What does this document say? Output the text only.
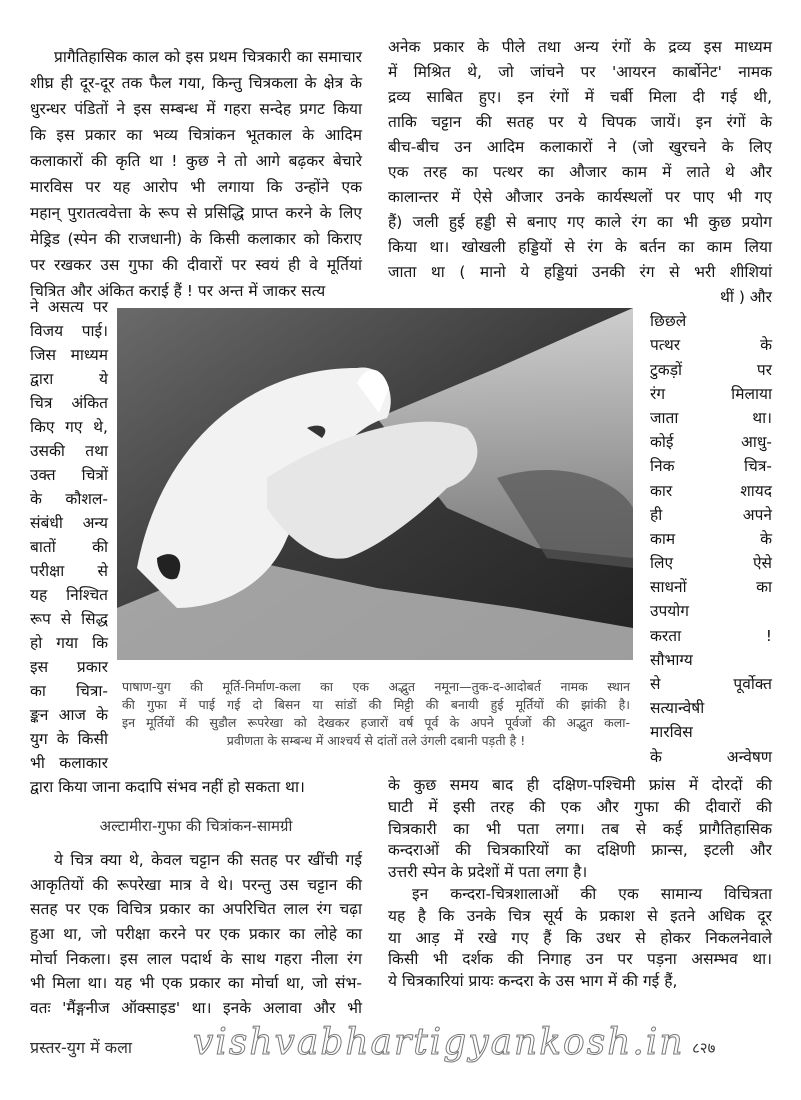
प्रागैतिहासिक काल को इस प्रथम चित्रकारी का समाचार
शीघ्र ही दूर-दूर तक फैल गया, किन्तु चित्रकला के क्षेत्र के
धुरन्धर पंडितों ने इस सम्बन्ध में गहरा सन्देह प्रगट किया
कि इस प्रकार का भव्य चित्रांकन भूतकाल के आदिम
कलाकारों की कृति था ! कुछ ने तो आगे बढ़कर बेचारे
मारविस पर यह आरोप भी लगाया कि उन्होंने एक
महान् पुरातत्ववेत्ता के रूप से प्रसिद्धि प्राप्त करने के लिए
मेड्रिड (स्पेन की राजधानी) के किसी कलाकार को किराए
पर रखकर उस गुफा की दीवारों पर स्वयं ही वे मूर्तियां
चित्रित और अंकित कराई हैं ! पर अन्त में जाकर सत्य
ने असत्य पर
विजय पाई।
जिस माध्यम
द्वारा ये
चित्र अंकित
किए गए थे,
उसकी तथा
उक्त चित्रों
के कौशल-
संबंधी अन्य
बातों की
परीक्षा से
यह निश्चित
रूप से सिद्ध
हो गया कि
इस प्रकार
का चित्रा-
ङ्कन आज के
युग के किसी
भी कलाकार
अनेक प्रकार के पीले तथा अन्य रंगों के द्रव्य इस माध्यम
में मिश्रित थे, जो जांचने पर 'आयरन कार्बोनेट' नामक
द्रव्य साबित हुए। इन रंगों में चर्बी मिला दी गई थी,
ताकि चट्टान की सतह पर ये चिपक जायें। इन रंगों के
बीच-बीच उन आदिम कलाकारों ने (जो खुरचने के लिए
एक तरह का पत्थर का औजार काम में लाते थे और
कालान्तर में ऐसे औजार उनके कार्यस्थलों पर पाए भी गए
हैं) जली हुई हड्डी से बनाए गए काले रंग का भी कुछ प्रयोग
किया था। खोखली हड्डियों से रंग के बर्तन का काम लिया
जाता था ( मानो ये हड्डियां उनकी रंग से भरी शीशियां
थीं ) और
छिछले
पत्थर के
टुकड़ों पर
रंग मिलाया
जाता था।
कोई आधु-
निक चित्र-
कार शायद
ही अपने
काम के
लिए ऐसे
साधनों का
उपयोग
करता !
सौभाग्य
से पूर्वोक्त
सत्यान्वेषी
मारविस
के अन्वेषण
द्वारा किया जाना कदापि संभव नहीं हो सकता था।
अल्टामीरा-गुफा की चित्रांकन-सामग्री
ये चित्र क्या थे, केवल चट्टान की सतह पर खींची गई
आकृतियों की रूपरेखा मात्र वे थे। परन्तु उस चट्टान की
सतह पर एक विचित्र प्रकार का अपरिचित लाल रंग चढ़ा
हुआ था, जो परीक्षा करने पर एक प्रकार का लोहे का
मोर्चा निकला। इस लाल पदार्थ के साथ गहरा नीला रंग
भी मिला था। यह भी एक प्रकार का मोर्चा था, जो संभ-
वतः 'मैंङ्गनीज ऑक्साइड' था। इनके अलावा और भी
के कुछ समय बाद ही दक्षिण-पश्चिमी फ्रांस में दोरदों की
घाटी में इसी तरह की एक और गुफा की दीवारों की
चित्रकारी का भी पता लगा। तब से कई प्रागैतिहासिक
कन्दराओं की चित्रकारियों का दक्षिणी फ्रान्स, इटली और
उत्तरी स्पेन के प्रदेशों में पता लगा है।
इन कन्दरा-चित्रशालाओं की एक सामान्य विचित्रता
यह है कि उनके चित्र सूर्य के प्रकाश से इतने अधिक दूर
या आड़ में रखे गए हैं कि उधर से होकर निकलनेवाले
किसी भी दर्शक की निगाह उन पर पड़ना असम्भव था।
ये चित्रकारियां प्रायः कन्दरा के उस भाग में की गई हैं,
पाषाण-युग की मूर्ति-निर्माण-कला का एक अद्भुत नमूना—तुक-द-आदोबर्त नामक स्थान
की गुफा में पाई गई दो बिसन या सांडों की मिट्टी की बनायी हुई मूर्तियों की झांकी है।
इन मूर्तियों की सुडौल रूपरेखा को देखकर हजारों वर्ष पूर्व के अपने पूर्वजों की अद्भुत कला-
प्रवीणता के सम्बन्ध में आश्चर्य से दांतों तले उंगली दबानी पड़ती है !
प्रस्तर-युग में कला vishvabhartigyankosh.in ८२७
